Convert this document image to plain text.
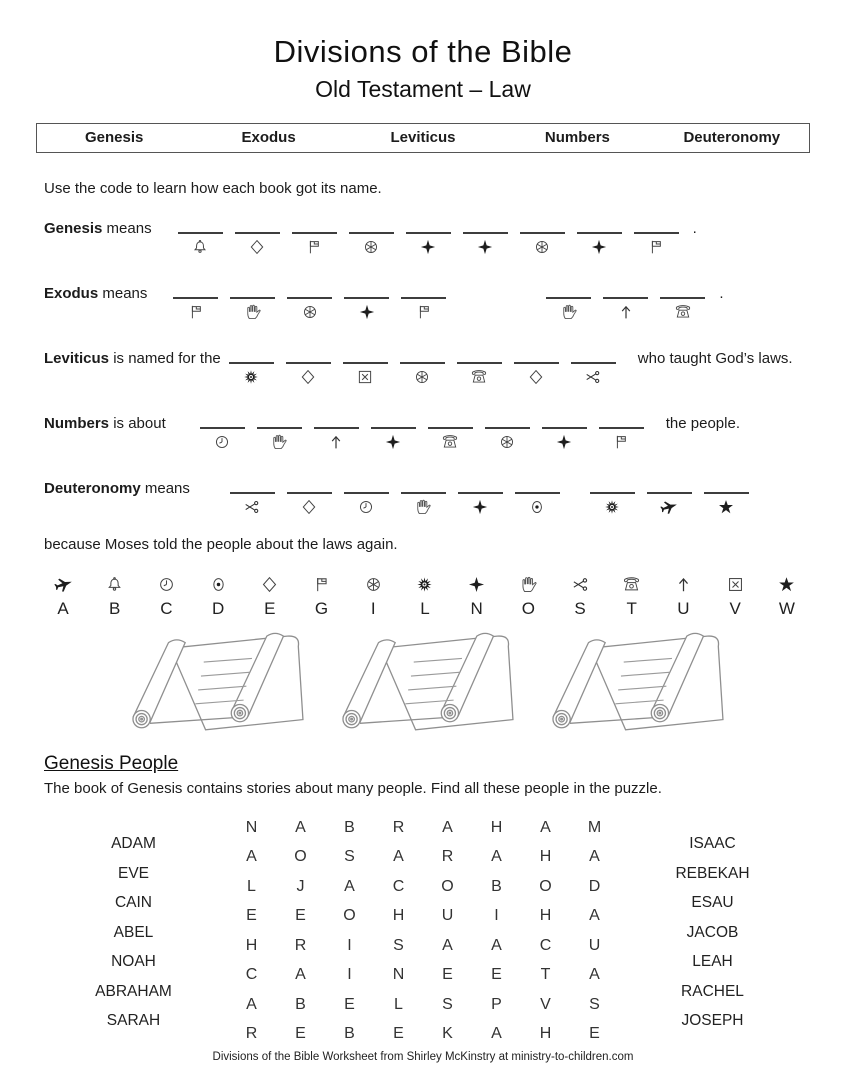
Divisions of the Bible
Old Testament – Law
Genesis	Exodus	Leviticus	Numbers	Deuteronomy
Use the code to learn how each book got its name.
Genesis means	.
Exodus means	.
Leviticus is named for the	who taught God’s laws.
Numbers is about	the people.
Deuteronomy means
because Moses told the people about the laws again.
A B C D E G	I	L N O S T U V W
Genesis People
The book of Genesis contains stories about many people. Find all these people in the puzzle.
ADAM
EVE
CAIN
ABEL
NOAH
ABRAHAM
SARAH
N	A	B	R	A	H	A	M
A	O	S	A	R	A	H	A
L	J	A	C	O	B	O	D
E	E	O	H	U	I	H	A
H	R	I	S	A	A	C	U
C	A	I	N	E	E	T	A
A	B	E	L	S	P	V	S
R	E	B	E	K	A	H	E
ISAAC
REBEKAH
ESAU
JACOB
LEAH
RACHEL
JOSEPH
Divisions of the Bible Worksheet from Shirley McKinstry at ministry-to-children.com
